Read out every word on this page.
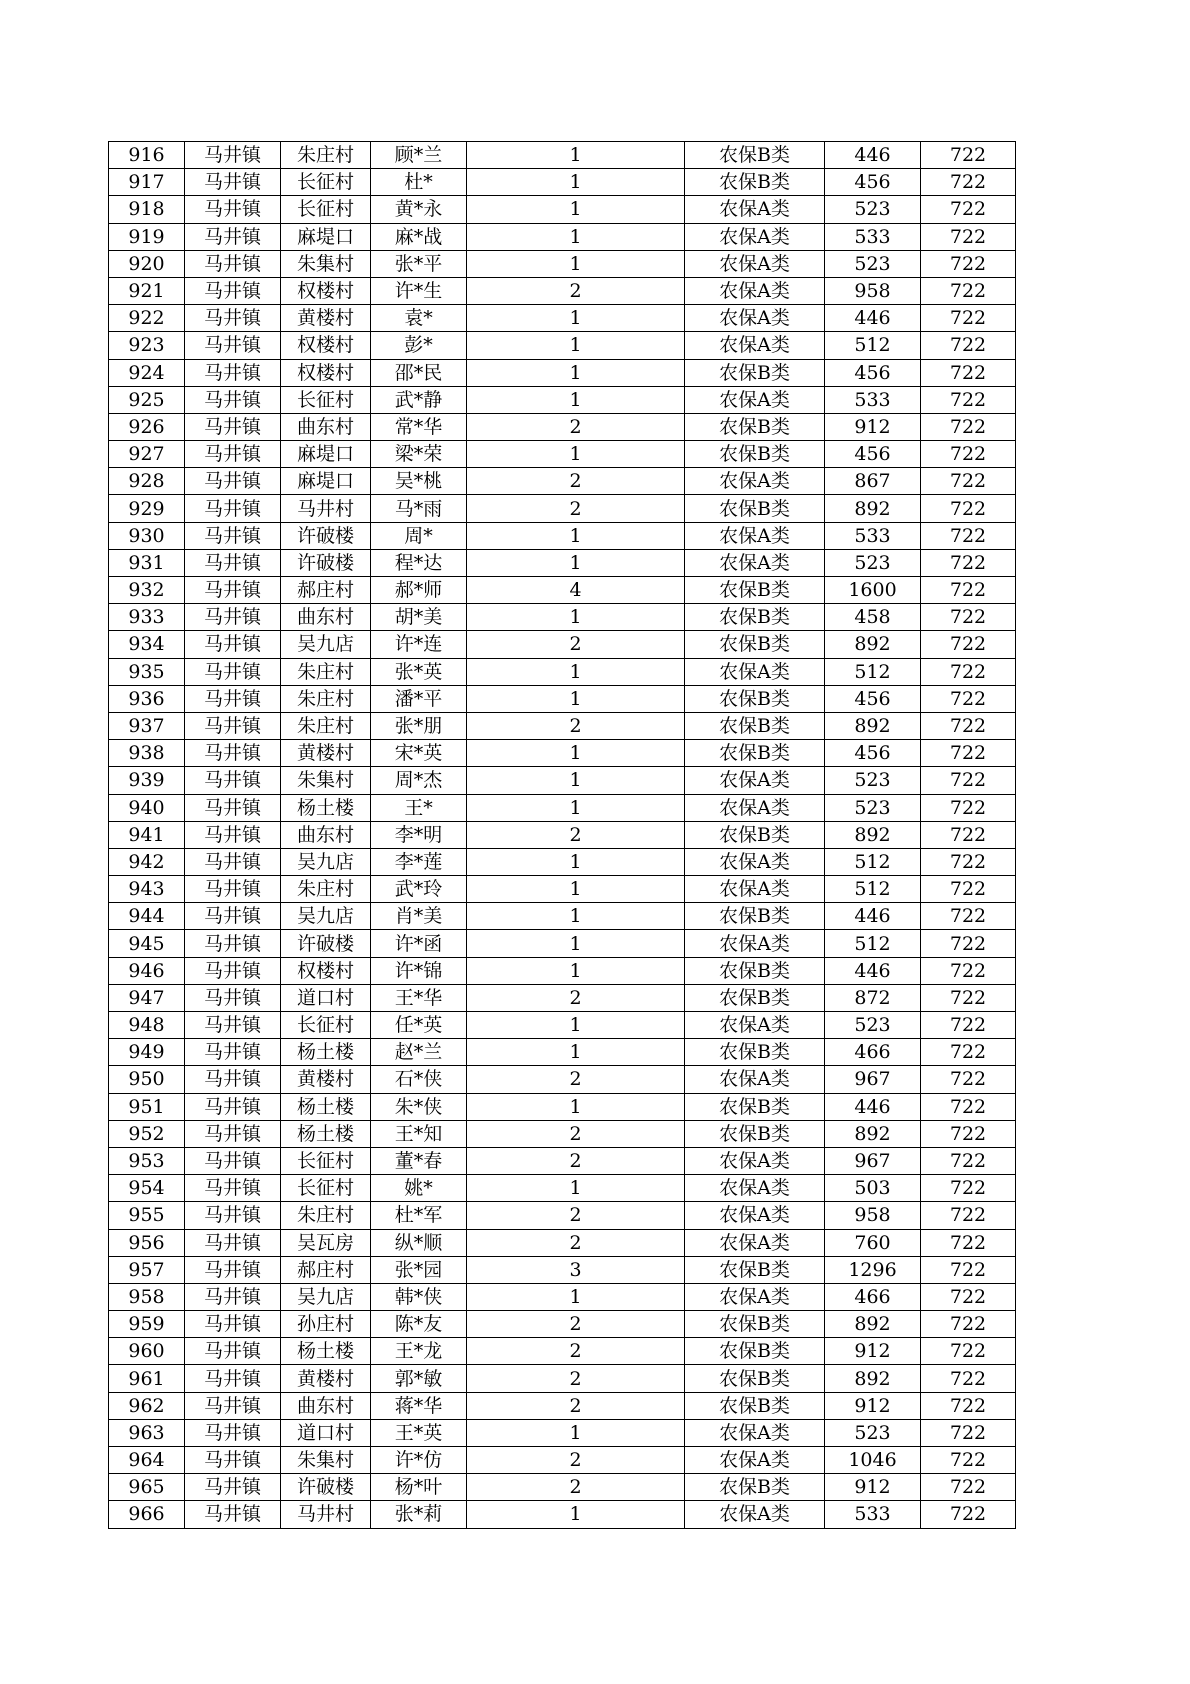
916	马井镇	朱庄村	顾*兰	1	农保B类	446	722
917	马井镇	长征村	杜*	1	农保B类	456	722
918	马井镇	长征村	黄*永	1	农保A类	523	722
919	马井镇	麻堤口	麻*战	1	农保A类	533	722
920	马井镇	朱集村	张*平	1	农保A类	523	722
921	马井镇	权楼村	许*生	2	农保A类	958	722
922	马井镇	黄楼村	袁*	1	农保A类	446	722
923	马井镇	权楼村	彭*	1	农保A类	512	722
924	马井镇	权楼村	邵*民	1	农保B类	456	722
925	马井镇	长征村	武*静	1	农保A类	533	722
926	马井镇	曲东村	常*华	2	农保B类	912	722
927	马井镇	麻堤口	梁*荣	1	农保B类	456	722
928	马井镇	麻堤口	吴*桃	2	农保A类	867	722
929	马井镇	马井村	马*雨	2	农保B类	892	722
930	马井镇	许破楼	周*	1	农保A类	533	722
931	马井镇	许破楼	程*达	1	农保A类	523	722
932	马井镇	郝庄村	郝*师	4	农保B类	1600	722
933	马井镇	曲东村	胡*美	1	农保B类	458	722
934	马井镇	吴九店	许*连	2	农保B类	892	722
935	马井镇	朱庄村	张*英	1	农保A类	512	722
936	马井镇	朱庄村	潘*平	1	农保B类	456	722
937	马井镇	朱庄村	张*朋	2	农保B类	892	722
938	马井镇	黄楼村	宋*英	1	农保B类	456	722
939	马井镇	朱集村	周*杰	1	农保A类	523	722
940	马井镇	杨土楼	王*	1	农保A类	523	722
941	马井镇	曲东村	李*明	2	农保B类	892	722
942	马井镇	吴九店	李*莲	1	农保A类	512	722
943	马井镇	朱庄村	武*玲	1	农保A类	512	722
944	马井镇	吴九店	肖*美	1	农保B类	446	722
945	马井镇	许破楼	许*函	1	农保A类	512	722
946	马井镇	权楼村	许*锦	1	农保B类	446	722
947	马井镇	道口村	王*华	2	农保B类	872	722
948	马井镇	长征村	任*英	1	农保A类	523	722
949	马井镇	杨土楼	赵*兰	1	农保B类	466	722
950	马井镇	黄楼村	石*侠	2	农保A类	967	722
951	马井镇	杨土楼	朱*侠	1	农保B类	446	722
952	马井镇	杨土楼	王*知	2	农保B类	892	722
953	马井镇	长征村	董*春	2	农保A类	967	722
954	马井镇	长征村	姚*	1	农保A类	503	722
955	马井镇	朱庄村	杜*军	2	农保A类	958	722
956	马井镇	吴瓦房	纵*顺	2	农保A类	760	722
957	马井镇	郝庄村	张*园	3	农保B类	1296	722
958	马井镇	吴九店	韩*侠	1	农保A类	466	722
959	马井镇	孙庄村	陈*友	2	农保B类	892	722
960	马井镇	杨土楼	王*龙	2	农保B类	912	722
961	马井镇	黄楼村	郭*敏	2	农保B类	892	722
962	马井镇	曲东村	蒋*华	2	农保B类	912	722
963	马井镇	道口村	王*英	1	农保A类	523	722
964	马井镇	朱集村	许*仿	2	农保A类	1046	722
965	马井镇	许破楼	杨*叶	2	农保B类	912	722
966	马井镇	马井村	张*莉	1	农保A类	533	722
